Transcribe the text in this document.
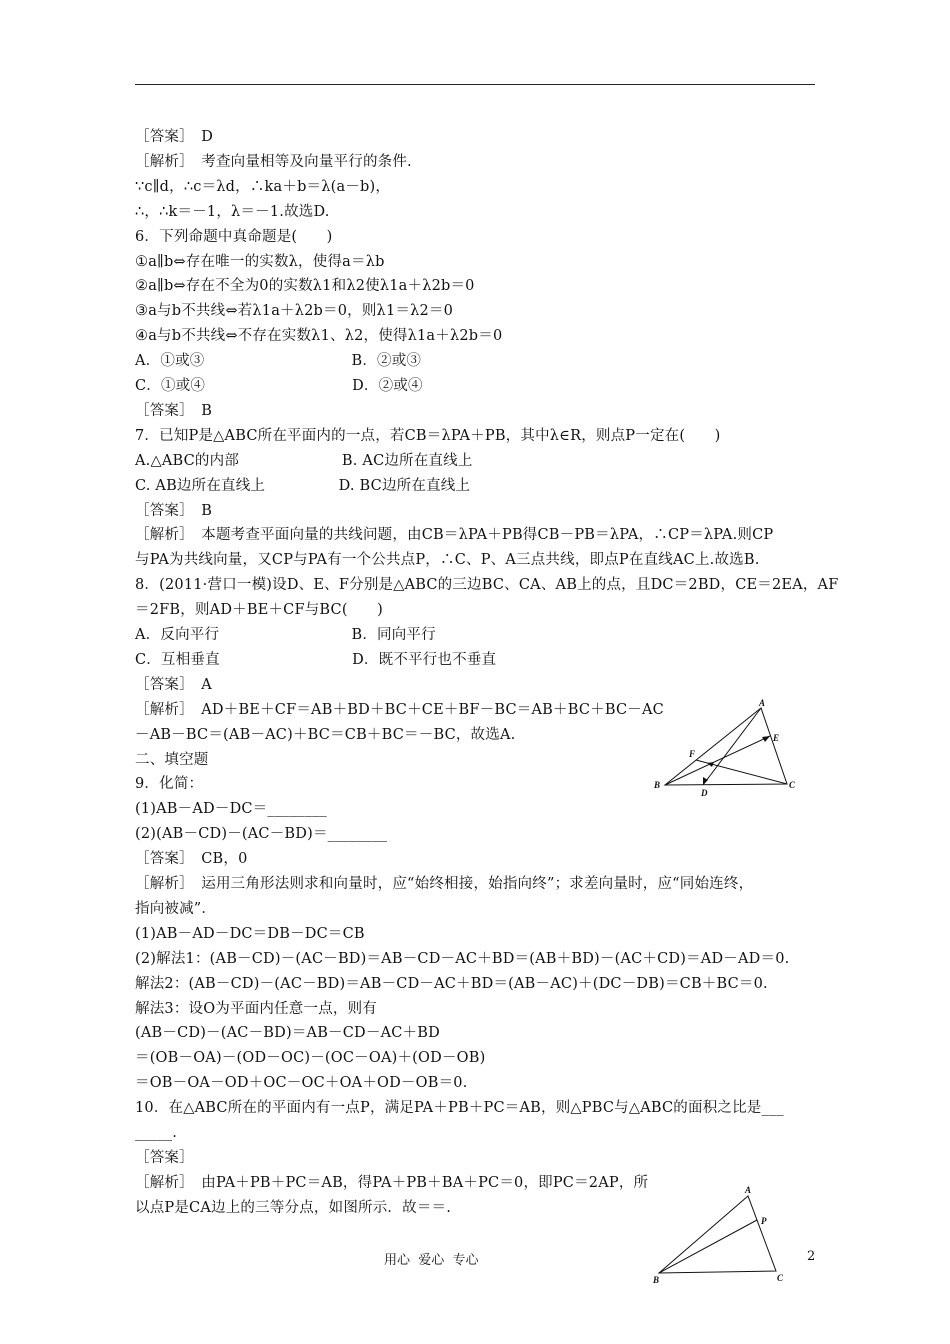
［答案］　D
［解析］　考查向量相等及向量平行的条件.
∵c∥d，∴c＝λd，∴ka＋b＝λ(a－b)，
∴，∴k＝－1，λ＝－1.故选D.
6．下列命题中真命题是(　　)
①a∥b⇔存在唯一的实数λ，使得a＝λb
②a∥b⇔存在不全为0的实数λ1和λ2使λ1a＋λ2b＝0
③a与b不共线⇔若λ1a＋λ2b＝0，则λ1＝λ2＝0
④a与b不共线⇔不存在实数λ1、λ2，使得λ1a＋λ2b＝0
A．①或③　　　　　　　　　　B．②或③
C．①或④　　　　　　　　　　D．②或④
［答案］　B
7．已知P是△ABC所在平面内的一点，若CB＝λPA＋PB，其中λ∈R，则点P一定在(　　)
A.△ABC的内部　　　　　　　B. AC边所在直线上
C. AB边所在直线上　　　　　D. BC边所在直线上
［答案］　B
［解析］　本题考查平面向量的共线问题，由CB＝λPA＋PB得CB－PB＝λPA，∴CP＝λPA.则CP
与PA为共线向量，又CP与PA有一个公共点P，∴C、P、A三点共线，即点P在直线AC上.故选B.
8．(2011·营口一模)设D、E、F分别是△ABC的三边BC、CA、AB上的点，且DC＝2BD，CE＝2EA，AF
＝2FB，则AD＋BE＋CF与BC(　　)
A．反向平行　　　　　　　　　B．同向平行
C．互相垂直　　　　　　　　　D．既不平行也不垂直
［答案］　A
［解析］　AD＋BE＋CF＝AB＋BD＋BC＋CE＋BF－BC＝AB＋BC＋BC－AC
－AB－BC＝(AB－AC)＋BC＝CB＋BC＝－BC，故选A.
二、填空题
9．化简：
(1)AB－AD－DC＝________
(2)(AB－CD)－(AC－BD)＝________
［答案］　CB，0
［解析］　运用三角形法则求和向量时，应“始终相接，始指向终”；求差向量时，应“同始连终，
指向被减”．
(1)AB－AD－DC＝DB－DC＝CB
(2)解法1：(AB－CD)－(AC－BD)＝AB－CD－AC＋BD＝(AB＋BD)－(AC＋CD)＝AD－AD＝0.
解法2：(AB－CD)－(AC－BD)＝AB－CD－AC＋BD＝(AB－AC)＋(DC－DB)＝CB＋BC＝0.
解法3：设O为平面内任意一点，则有
(AB－CD)－(AC－BD)＝AB－CD－AC＋BD
＝(OB－OA)－(OD－OC)－(OC－OA)＋(OD－OB)
＝OB－OA－OD＋OC－OC＋OA＋OD－OB＝0.
10．在△ABC所在的平面内有一点P，满足PA＋PB＋PC＝AB，则△PBC与△ABC的面积之比是___
_____.
［答案］
［解析］　由PA＋PB＋PC＝AB，得PA＋PB＋BA＋PC＝0，即PC＝2AP，所
以点P是CA边上的三等分点，如图所示．故＝＝.
A
E
F
B
D
C
A
P
B	C
用心  爱心  专心	2
